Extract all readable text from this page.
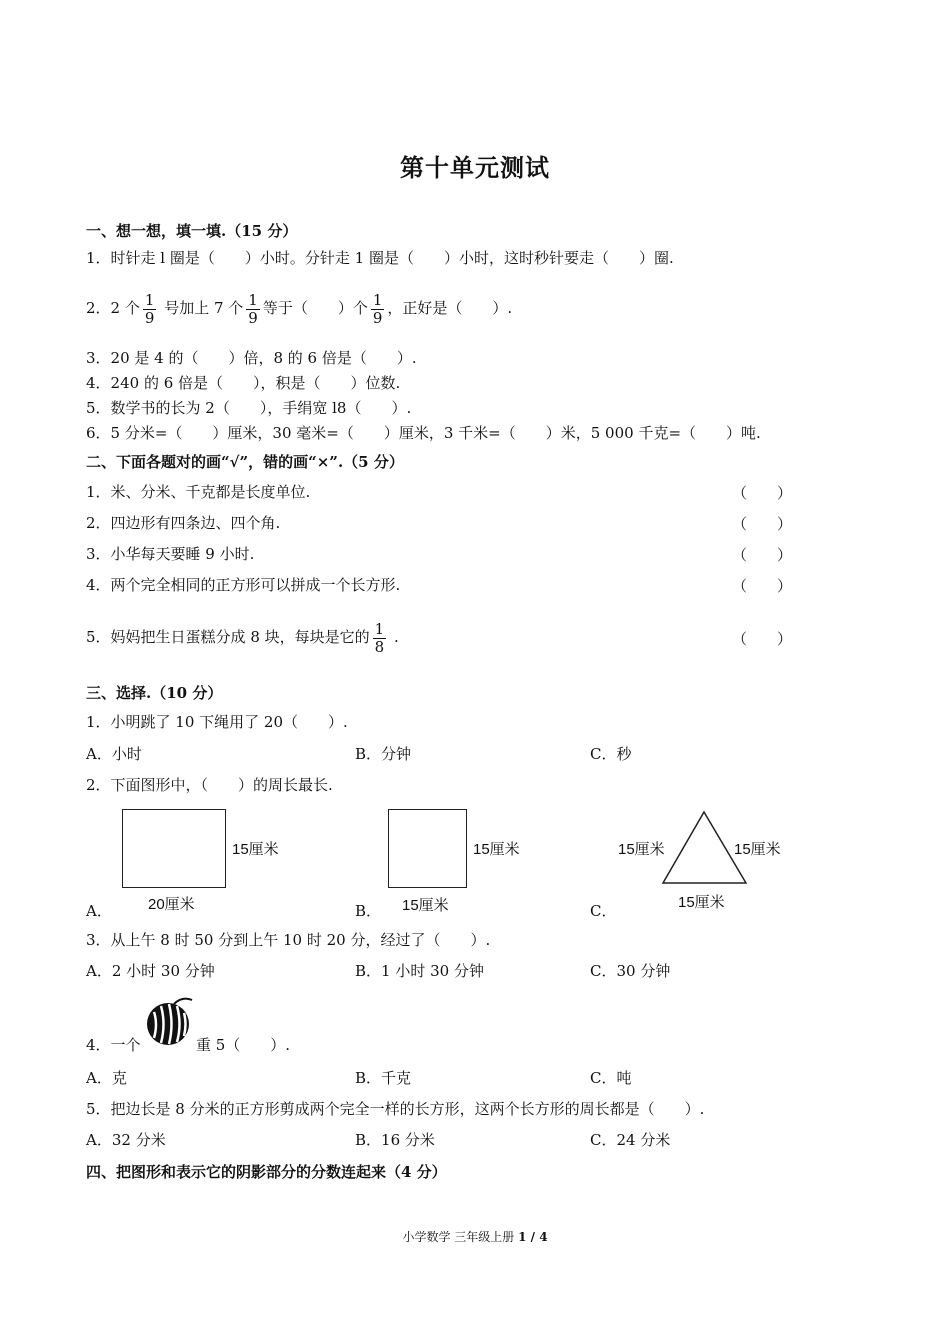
第十单元测试
一、想一想，填一填.（15 分）
1．时针走 l 圈是（　　）小时。分针走 1 圈是（　　）小时，这时秒针要走（　　）圈.
2．2 个 $\frac{1}{9}$ 号加上 7 个 $\frac{1}{9}$ 等于（　　）个 $\frac{1}{9}$ ，正好是（　　）.
3．20 是 4 的（　　）倍，8 的 6 倍是（　　）.
4．240 的 6 倍是（　　），积是（　　）位数.
5．数学书的长为 2（　　），手绢宽 l8（　　）.
6．5 分米=（　　）厘米，30 毫米=（　　）厘米，3 千米=（　　）米，5 000 千克=（　　）吨.
二、下面各题对的画“√”，错的画“×”.（5 分）
1．米、分米、千克都是长度单位.	（　　）
2．四边形有四条边、四个角.	（　　）
3．小华每天要睡 9 小时.	（　　）
4．两个完全相同的正方形可以拼成一个长方形.	（　　）
5．妈妈把生日蛋糕分成 8 块，每块是它的 $\frac{1}{8}$ .	（　　）
三、选择.（10 分）
1．小明跳了 10 下绳用了 20（　　）.
A．小时	B．分钟	C．秒
2．下面图形中，（　　）的周长最长.
15厘米
20厘米
15厘米
15厘米
15厘米	15厘米
15厘米
A．	B．	C．
3．从上午 8 时 50 分到上午 10 时 20 分，经过了（　　）.
A．2 小时 30 分钟	B．1 小时 30 分钟	C．30 分钟
4．一个	重 5（　　）.
A．克	B．千克	C．吨
5．把边长是 8 分米的正方形剪成两个完全一样的长方形，这两个长方形的周长都是（　　）.
A．32 分米	B．16 分米	C．24 分米
四、把图形和表示它的阴影部分的分数连起来（4 分）
小学数学 三年级上册 1 / 4
